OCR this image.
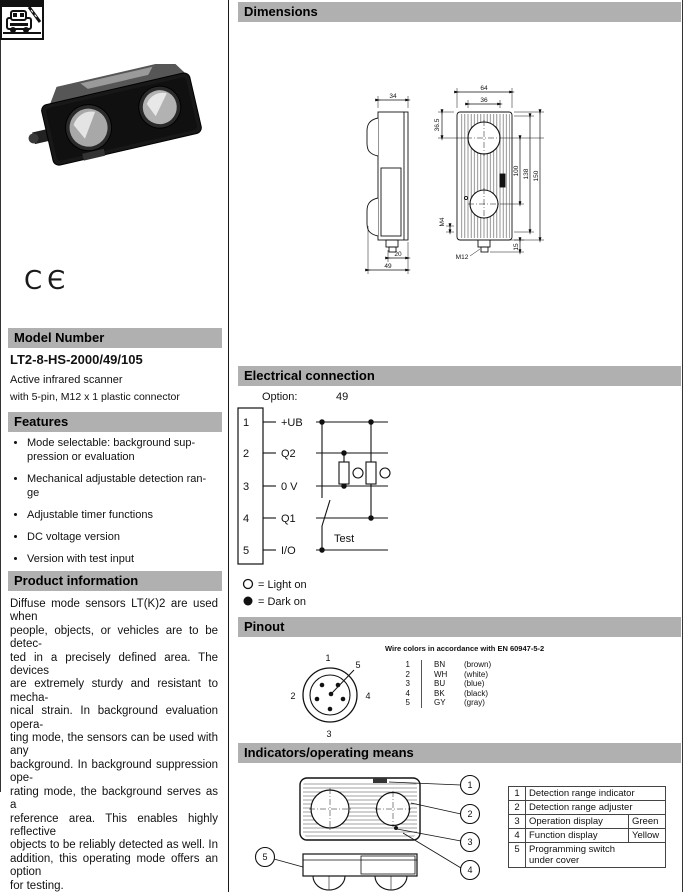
CЄ
Model Number
LT2-8-HS-2000/49/105
Active infrared scanner
with 5-pin, M12 x 1 plastic connector
Features
• Mode selectable: background sup-
pression or evaluation
• Mechanical adjustable detection ran-
ge
• Adjustable timer functions
• DC voltage version
• Version with test input
Product information
Diffuse mode sensors LT(K)2 are used when
people, objects, or vehicles are to be detec-
ted in a precisely defined area. The devices
are extremely sturdy and resistant to mecha-
nical strain. In background evaluation opera-
ting mode, the sensors can be used with any
background. In background suppression ope-
rating mode, the background serves as a
reference area. This enables highly reflective
objects to be reliably detected as well. In
addition, this operating mode offers an option
for testing.
Dimensions
34
20
49
64
36
36.5
100 138 150
M4
15
M12
Electrical connection
Option:	49
1
2
3
4
5
+UB
Q2
0 V
Q1
I/O
Test
= Light on
= Dark on
Pinout
1
2
3
4
5
Wire colors in accordance with EN 60947-5-2
1	BN	(brown)
2	WH	(white)
3	BU	(blue)
4	BK	(black)
5	GY	(gray)
Indicators/operating means
1
2
3
4
5
1	Detection range indicator	
2	Detection range adjuster	
3	Operation display	Green
4	Function display	Yellow
5	Programming switch
under cover	
